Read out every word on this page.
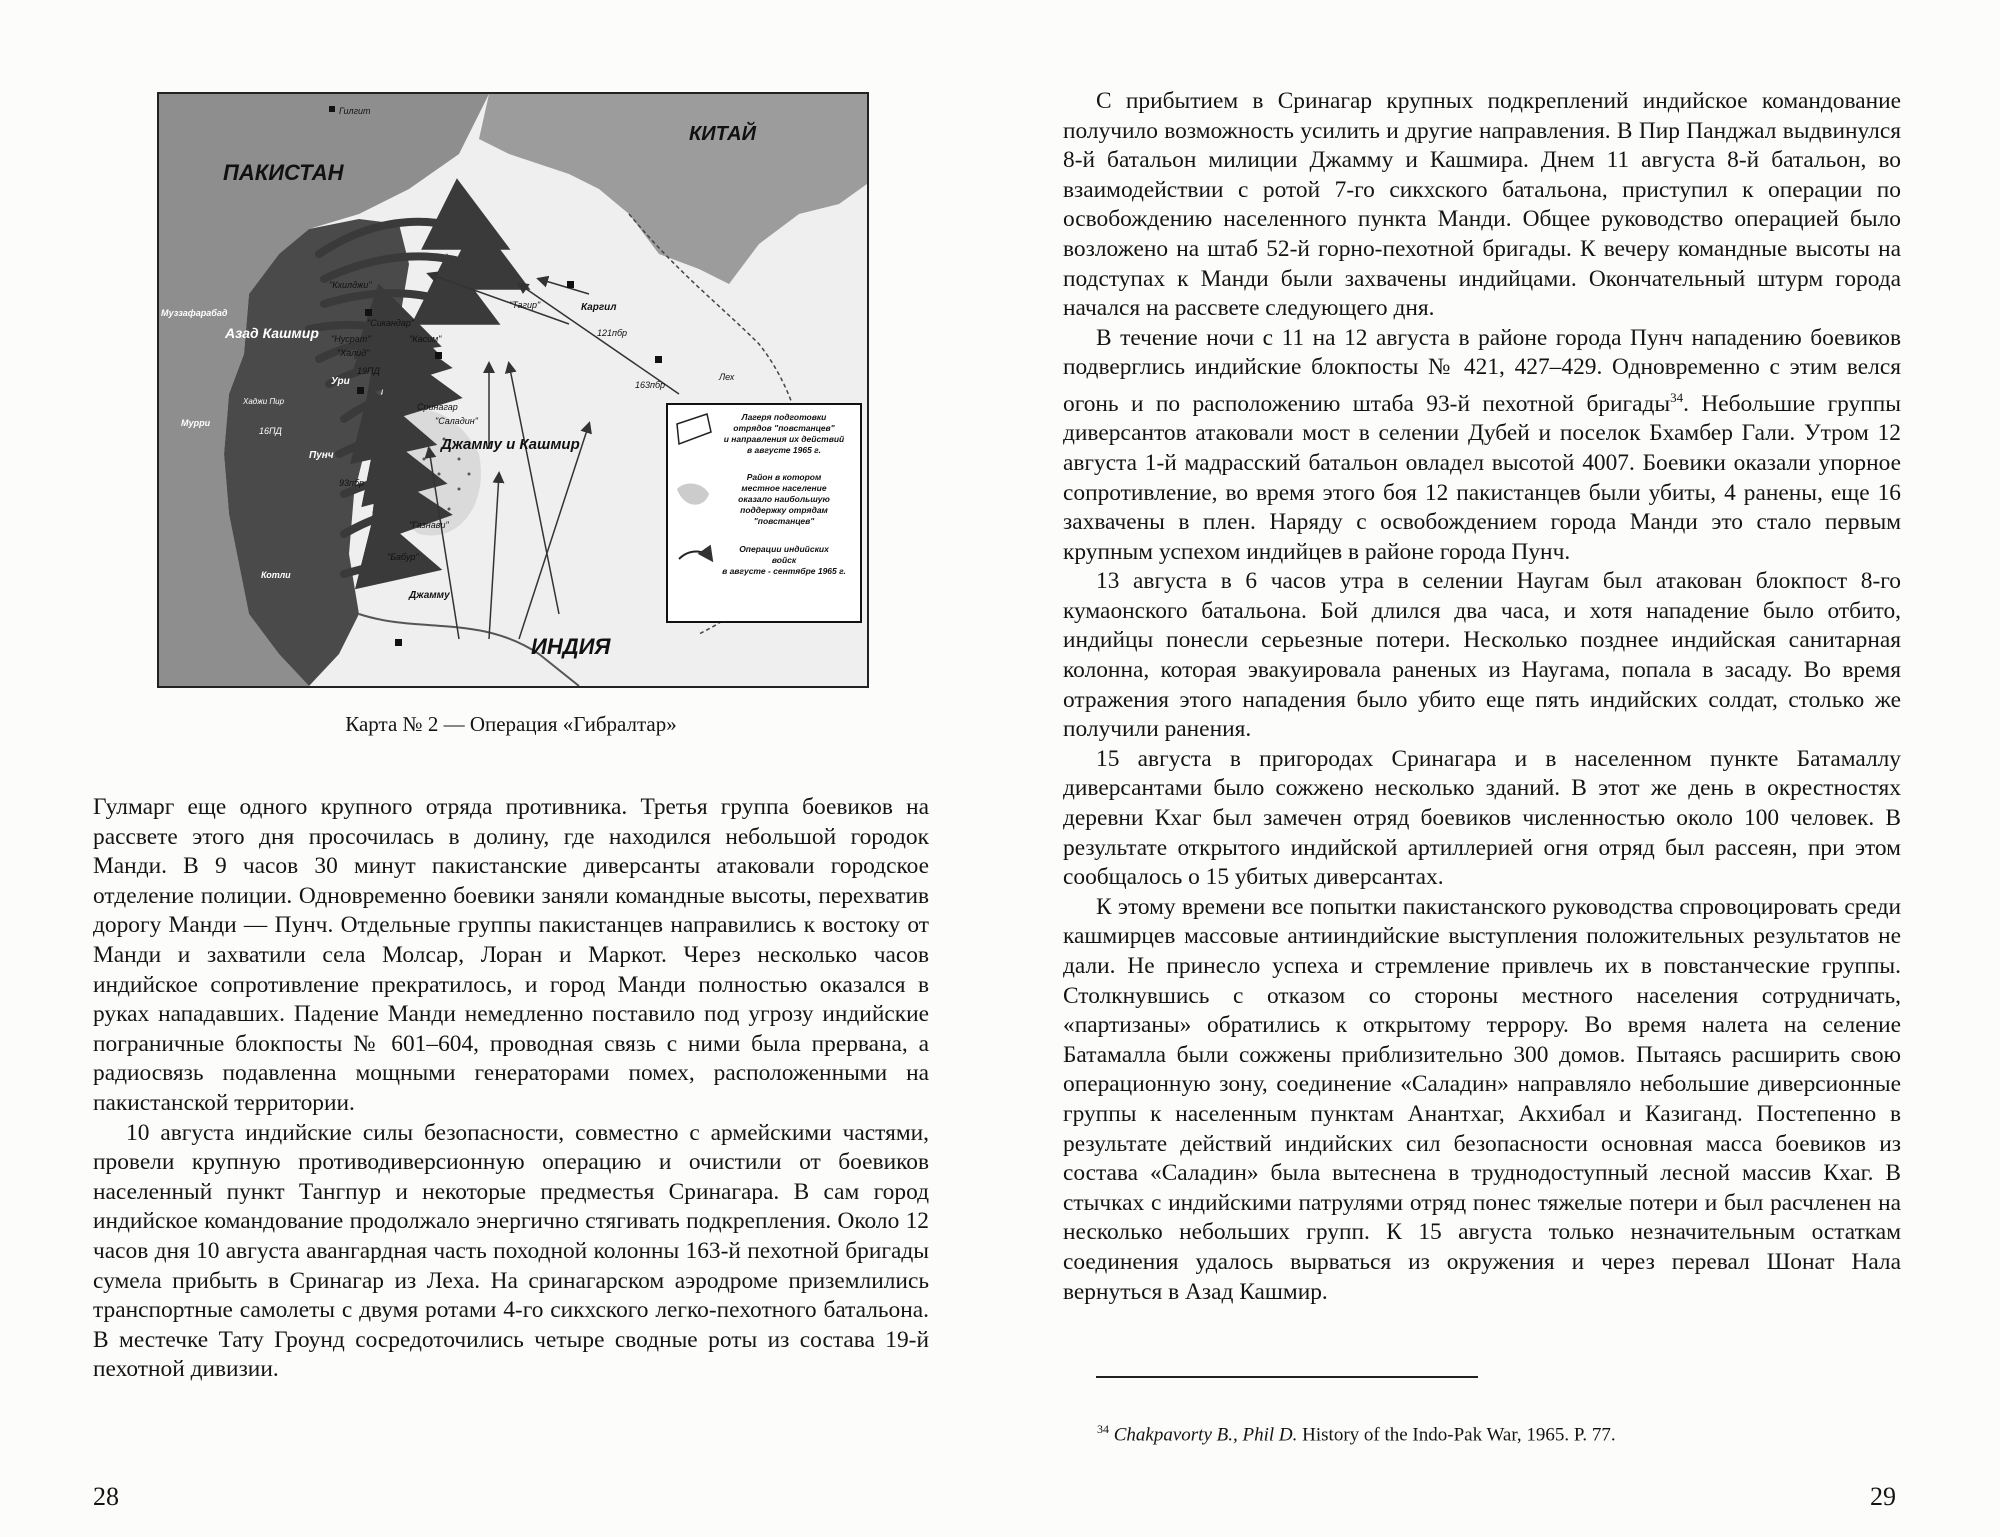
ПАКИСТАН
КИТАЙ
ИНДИЯ
Джамму и Кашмир
Гилгит
Муззафарабад
Азад Кашмир
Мурри
Котли
Хаджи Пир
Ури
19ПД
Сринагар
Пунч
93пбр
Каргил
121пбр
Лех
163пбр
Джамму
"Кхилджи"
"Сикандар"
"Нусрат"	"Касим"
"Халид"
"Тагир"
"Саладин"
"Газнави"
"Бабур"
16ПД
Лагеря подготовки
отрядов "повстанцев"
и направления их действий
в августе 1965 г.
Район в котором
местное население
оказало наибольшую
поддержку отрядам
"повстанцев"
Операции индийских
войск
в августе - сентябре 1965 г.
Карта № 2 — Операция «Гибралтар»

Гулмарг еще одного крупного отряда противника. Третья группа боевиков на рассвете этого дня просочилась в долину, где находился небольшой городок Манди. В 9 часов 30 минут пакистанские диверсанты атаковали городское отделение полиции. Одновременно боевики заняли командные высоты, перехватив дорогу Манди — Пунч. Отдельные группы пакистанцев направились к востоку от Манди и захватили села Молсар, Лоран и Маркот. Через несколько часов индийское сопротивление прекратилось, и город Манди полностью оказался в руках нападавших. Падение Манди немедленно поставило под угрозу индийские пограничные блокпосты № 601–604, проводная связь с ними была прервана, а радиосвязь подавленна мощными генераторами помех, расположенными на пакистанской территории.

10 августа индийские силы безопасности, совместно с армейскими частями, провели крупную противодиверсионную операцию и очистили от боевиков населенный пункт Тангпур и некоторые предместья Сринагара. В сам город индийское командование продолжало энергично стягивать подкрепления. Около 12 часов дня 10 августа авангардная часть походной колонны 163-й пехотной бригады сумела прибыть в Сринагар из Леха. На сринагарском аэродроме приземлились транспортные самолеты с двумя ротами 4-го сикхского легко-пехотного батальона. В местечке Тату Гроунд сосредоточились четыре сводные роты из состава 19-й пехотной дивизии.

28

С прибытием в Сринагар крупных подкреплений индийское командование получило возможность усилить и другие направления. В Пир Панджал выдвинулся 8-й батальон милиции Джамму и Кашмира. Днем 11 августа 8-й батальон, во взаимодействии с ротой 7-го сикхского батальона, приступил к операции по освобождению населенного пункта Манди. Общее руководство операцией было возложено на штаб 52-й горно-пехотной бригады. К вечеру командные высоты на подступах к Манди были захвачены индийцами. Окончательный штурм города начался на рассвете следующего дня.

В течение ночи с 11 на 12 августа в районе города Пунч нападению боевиков подверглись индийские блокпосты № 421, 427–429. Одновременно с этим велся огонь и по расположению штаба 93-й пехотной бригады$^{34}$. Небольшие группы диверсантов атаковали мост в селении Дубей и поселок Бхамбер Гали. Утром 12 августа 1-й мадрасский батальон овладел высотой 4007. Боевики оказали упорное сопротивление, во время этого боя 12 пакистанцев были убиты, 4 ранены, еще 16 захвачены в плен. Наряду с освобождением города Манди это стало первым крупным успехом индийцев в районе города Пунч.

13 августа в 6 часов утра в селении Наугам был атакован блокпост 8-го кумаонского батальона. Бой длился два часа, и хотя нападение было отбито, индийцы понесли серьезные потери. Несколько позднее индийская санитарная колонна, которая эвакуировала раненых из Наугама, попала в засаду. Во время отражения этого нападения было убито еще пять индийских солдат, столько же получили ранения.

15 августа в пригородах Сринагара и в населенном пункте Батамаллу диверсантами было сожжено несколько зданий. В этот же день в окрестностях деревни Кхаг был замечен отряд боевиков численностью около 100 человек. В результате открытого индийской артиллерией огня отряд был рассеян, при этом сообщалось о 15 убитых диверсантах.

К этому времени все попытки пакистанского руководства спровоцировать среди кашмирцев массовые антииндийские выступления положительных результатов не дали. Не принесло успеха и стремление привлечь их в повстанческие группы. Столкнувшись с отказом со стороны местного населения сотрудничать, «партизаны» обратились к открытому террору. Во время налета на селение Батамалла были сожжены приблизительно 300 домов. Пытаясь расширить свою операционную зону, соединение «Саладин» направляло небольшие диверсионные группы к населенным пунктам Анантхаг, Акхибал и Казиганд. Постепенно в результате действий индийских сил безопасности основная масса боевиков из состава «Саладин» была вытеснена в труднодоступный лесной массив Кхаг. В стычках с индийскими патрулями отряд понес тяжелые потери и был расчленен на несколько небольших групп. К 15 августа только незначительным остаткам соединения удалось вырваться из окружения и через перевал Шонат Нала вернуться в Азад Кашмир.

$^{34}$ Chakpavorty B., Phil D. History of the Indo-Pak War, 1965. P. 77.
29
